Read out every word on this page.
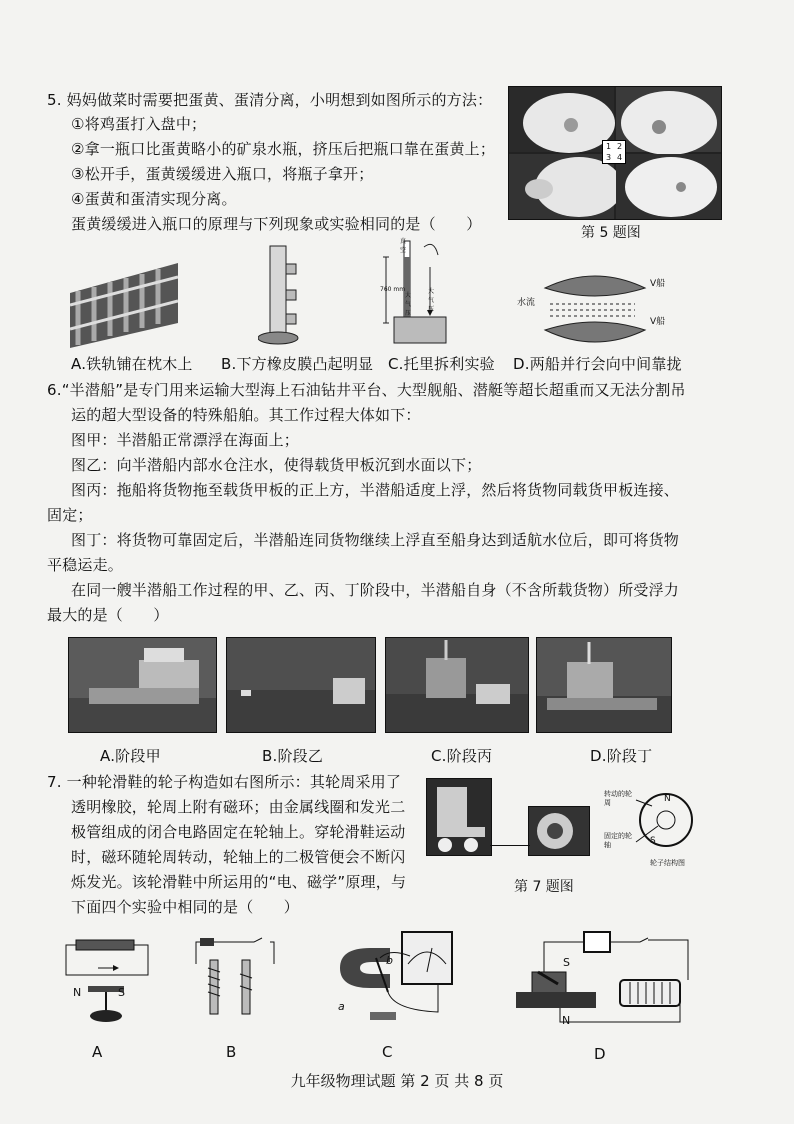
5. 妈妈做菜时需要把蛋黄、蛋清分离，小明想到如图所示的方法：
①将鸡蛋打入盘中；
②拿一瓶口比蛋黄略小的矿泉水瓶，挤压后把瓶口靠在蛋黄上；
③松开手，蛋黄缓缓进入瓶口，将瓶子拿开；
④蛋黄和蛋清实现分离。
蛋黄缓缓进入瓶口的原理与下列现象或实验相同的是（　　）
1 2
3 4
第 5 题图
760 mm
真空
大气压
大气压
V船
V船
水流
A.铁轨铺在枕木上 B.下方橡皮膜凸起明显 C.托里拆利实验 D.两船并行会向中间靠拢
6.“半潜船”是专门用来运输大型海上石油钻井平台、大型舰船、潜艇等超长超重而又无法分割吊
运的超大型设备的特殊船舶。其工作过程大体如下：
图甲：半潜船正常漂浮在海面上；
图乙：向半潜船内部水仓注水，使得载货甲板沉到水面以下；
图丙：拖船将货物拖至载货甲板的正上方，半潜船适度上浮，然后将货物同载货甲板连接、
固定；
图丁：将货物可靠固定后，半潜船连同货物继续上浮直至船身达到适航水位后，即可将货物
平稳运走。
在同一艘半潜船工作过程的甲、乙、丙、丁阶段中，半潜船自身（不含所载货物）所受浮力
最大的是（　　）
A.阶段甲	B.阶段乙	C.阶段丙	D.阶段丁
7. 一种轮滑鞋的轮子构造如右图所示：其轮周采用了
透明橡胶，轮周上附有磁环；由金属线圈和发光二
极管组成的闭合电路固定在轮轴上。穿轮滑鞋运动
时，磁环随轮周转动，轮轴上的二极管便会不断闪
烁发光。该轮滑鞋中所运用的“电、磁学”原理，与
下面四个实验中相同的是（　　）
转动的轮周
固定的轮轴
N
S
轮子结构图
第 7 题图
N	S
b
a
S
N
A	B	C	D
九年级物理试题 第 2 页 共 8 页
